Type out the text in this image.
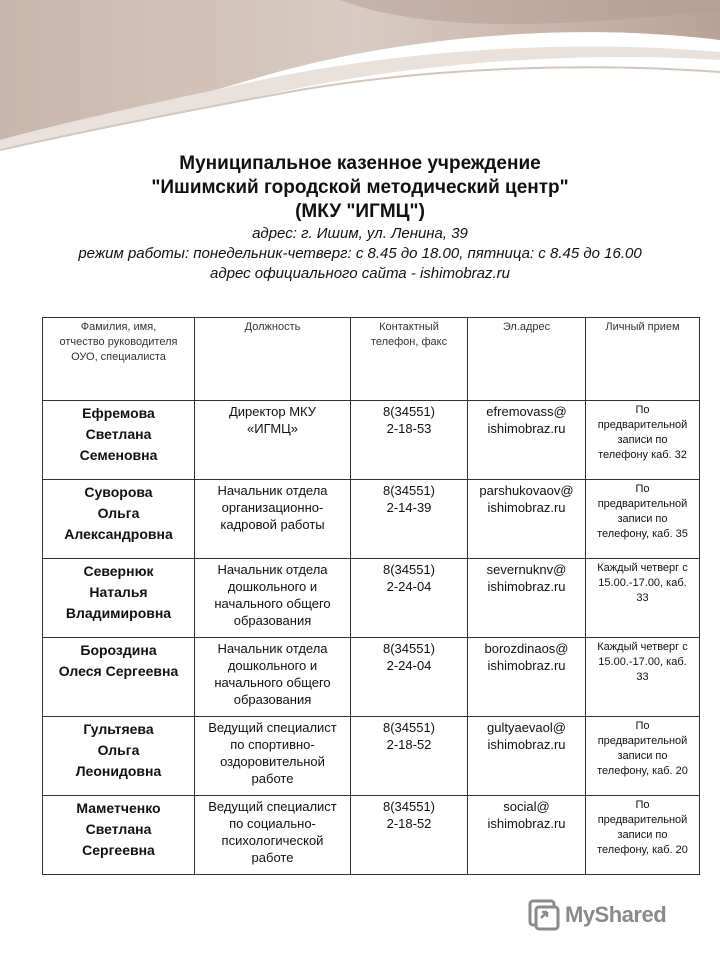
Муниципальное казенное учреждение
"Ишимский городской методический центр"
(МКУ "ИГМЦ")
адрес: г. Ишим, ул. Ленина, 39
режим работы: понедельник-четверг: с 8.45 до 18.00, пятница: с 8.45 до 16.00
адрес официального сайта - ishimobraz.ru
Фамилия, имя,
отчество руководителя
ОУО, специалиста	Должность	Контактный
телефон, факс	Эл.адрес	Личный прием
Ефремова
Светлана
Семеновна	Директор МКУ
«ИГМЦ»	8(34551)
2-18-53	efremovass@
ishimobraz.ru	По
предварительной
записи по
телефону каб. 32
Суворова
Ольга
Александровна	Начальник отдела
организационно-
кадровой работы	8(34551)
2-14-39	parshukovaov@
ishimobraz.ru	По
предварительной
записи по
телефону, каб. 35
Севернюк
Наталья
Владимировна	Начальник отдела
дошкольного и
начального общего
образования	8(34551)
2-24-04	severnuknv@
ishimobraz.ru	Каждый четверг с
15.00.-17.00, каб.
33
Бороздина
Олеся Сергеевна	Начальник отдела
дошкольного и
начального общего
образования	8(34551)
2-24-04	borozdinaos@
ishimobraz.ru	Каждый четверг с
15.00.-17.00, каб.
33
Гультяева
Ольга
Леонидовна	Ведущий специалист
по спортивно-
оздоровительной
работе	8(34551)
2-18-52	gultyaevaol@
ishimobraz.ru	По
предварительной
записи по
телефону, каб. 20
Маметченко
Светлана
Сергеевна	Ведущий специалист
по социально-
психологической
работе	8(34551)
2-18-52	social@
ishimobraz.ru	По
предварительной
записи по
телефону, каб. 20
MyShared
